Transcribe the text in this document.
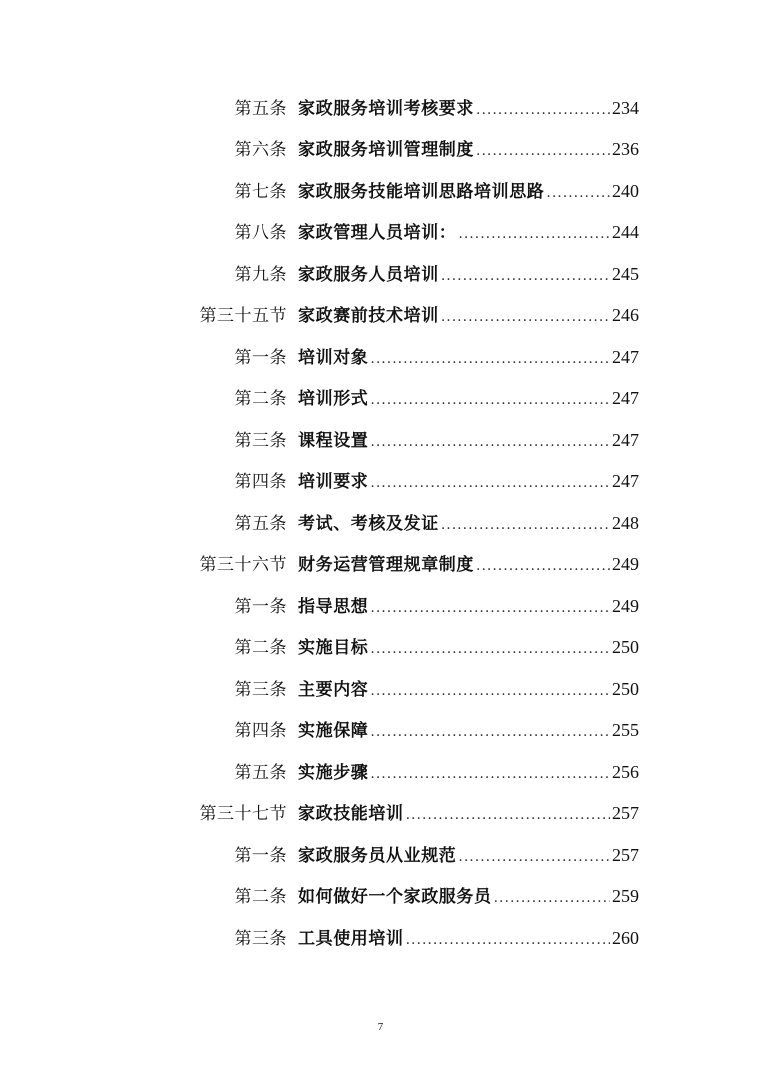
第五条 家政服务培训考核要求 .....	234
第六条 家政服务培训管理制度 .....	236
第七条 家政服务技能培训思路培训思路 .....	240
第八条 家政管理人员培训： .....	244
第九条 家政服务人员培训 .....	245
第三十五节 家政赛前技术培训 .....	246
第一条 培训对象 .....	247
第二条 培训形式 .....	247
第三条 课程设置 .....	247
第四条 培训要求 .....	247
第五条 考试、考核及发证 .....	248
第三十六节 财务运营管理规章制度 .....	249
第一条 指导思想 .....	249
第二条 实施目标 .....	250
第三条 主要内容 .....	250
第四条 实施保障 .....	255
第五条 实施步骤 .....	256
第三十七节 家政技能培训 .....	257
第一条 家政服务员从业规范 .....	257
第二条 如何做好一个家政服务员 .....	259
第三条 工具使用培训 .....	260
7
